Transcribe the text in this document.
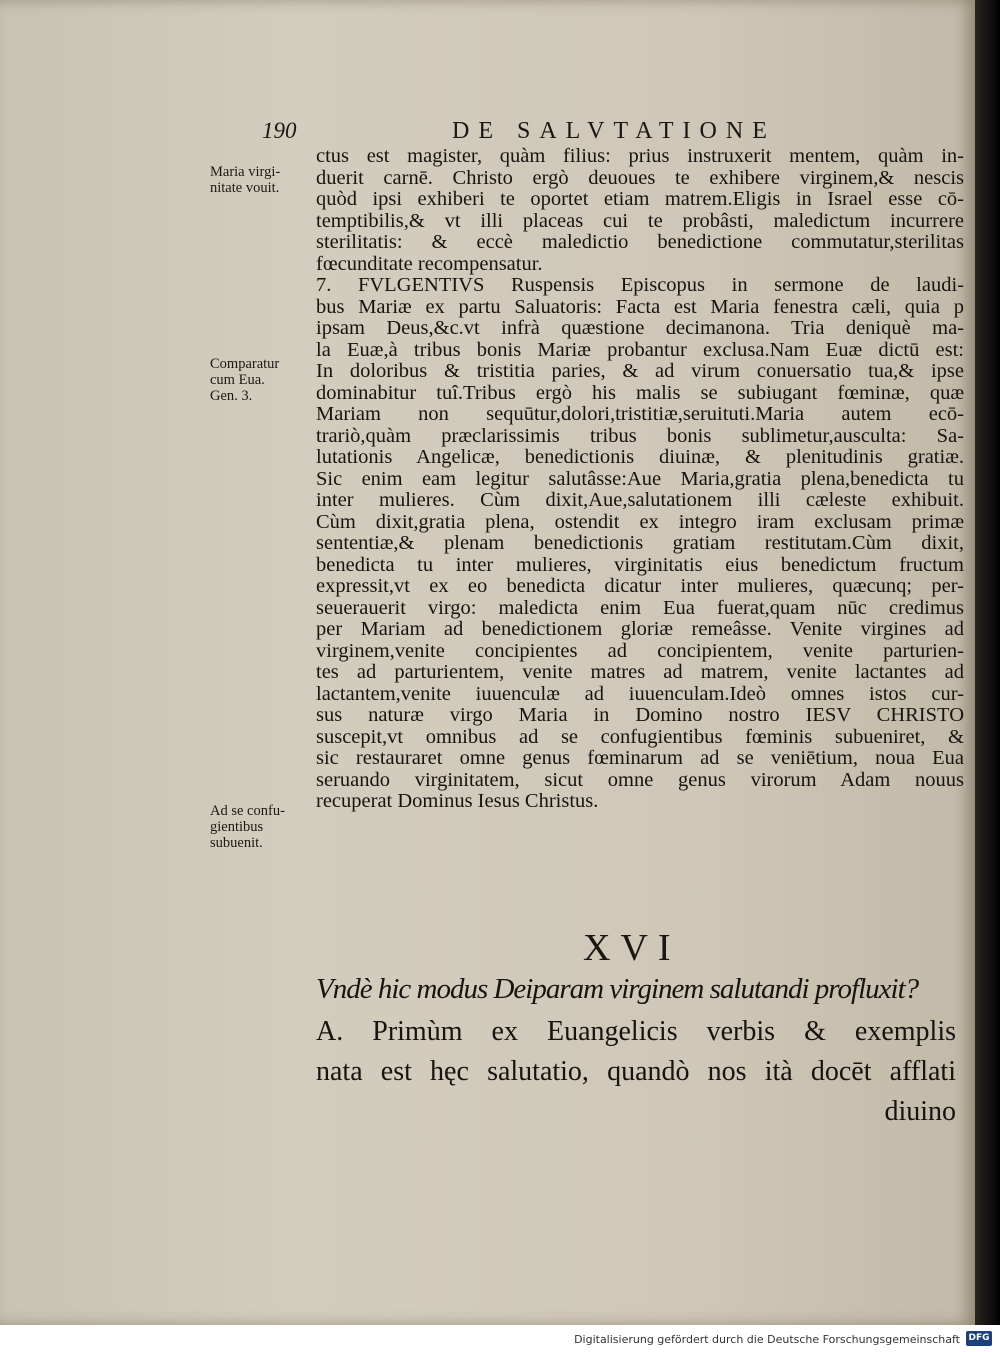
190	DE SALVTATIONE
Maria virgi-
nitate vouit.
Comparatur
cum Eua.
Gen. 3.
Ad se confu-
gientibus
subuenit.
ctus est magister, quàm filius: prius instruxerit mentem, quàm in-
duerit carnē. Christo ergò deuoues te exhibere virginem,& nescis
quòd ipsi exhiberi te oportet etiam matrem.Eligis in Israel esse cō-
temptibilis,& vt illi placeas cui te probâsti, maledictum incurrere
sterilitatis: & eccè maledictio benedictione commutatur,sterilitas
fœcunditate recompensatur.
7. FVLGENTIVS Ruspensis Episcopus in sermone de laudi-
bus Mariæ ex partu Saluatoris: Facta est Maria fenestra cæli, quia p
ipsam Deus,&c.vt infrà quæstione decimanona. Tria deniquè ma-
la Euæ,à tribus bonis Mariæ probantur exclusa.Nam Euæ dictū est:
In doloribus & tristitia paries, & ad virum conuersatio tua,& ipse
dominabitur tuî.Tribus ergò his malis se subiugant fœminæ, quæ
Mariam non sequūtur,dolori,tristitiæ,seruituti.Maria autem ecō-
trariò,quàm præclarissimis tribus bonis sublimetur,ausculta: Sa-
lutationis Angelicæ, benedictionis diuinæ, & plenitudinis gratiæ.
Sic enim eam legitur salutâsse:Aue Maria,gratia plena,benedicta tu
inter mulieres. Cùm dixit,Aue,salutationem illi cæleste exhibuit.
Cùm dixit,gratia plena, ostendit ex integro iram exclusam primæ
sententiæ,& plenam benedictionis gratiam restitutam.Cùm dixit,
benedicta tu inter mulieres, virginitatis eius benedictum fructum
expressit,vt ex eo benedicta dicatur inter mulieres, quæcunq; per-
seuerauerit virgo: maledicta enim Eua fuerat,quam nūc credimus
per Mariam ad benedictionem gloriæ remeâsse. Venite virgines ad
virginem,venite concipientes ad concipientem, venite parturien-
tes ad parturientem, venite matres ad matrem, venite lactantes ad
lactantem,venite iuuenculæ ad iuuenculam.Ideò omnes istos cur-
sus naturæ virgo Maria in Domino nostro IESV CHRISTO
suscepit,vt omnibus ad se confugientibus fœminis subueniret, &
sic restauraret omne genus fœminarum ad se veniētium, noua Eua
seruando virginitatem, sicut omne genus virorum Adam nouus
recuperat Dominus Iesus Christus.
XVI
Vndè hic modus Deiparam virginem salutandi profluxit?
A. Primùm ex Euangelicis verbis & exemplis
nata est hęc salutatio, quandò nos ità docēt afflati
diuino
Digitalisierung gefördert durch die Deutsche Forschungsgemeinschaft DFG
